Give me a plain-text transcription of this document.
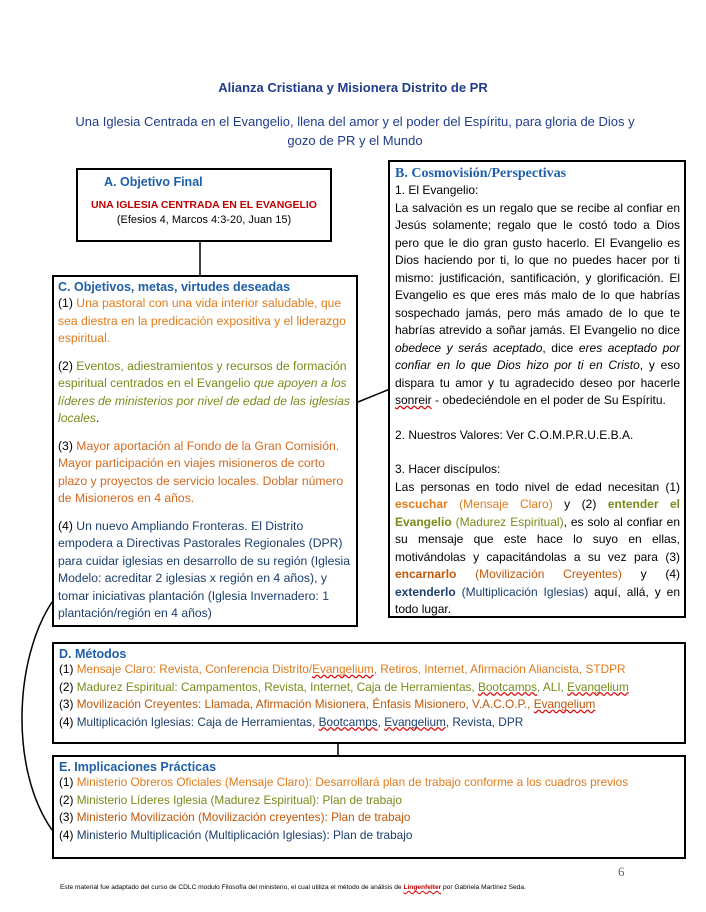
Alianza Cristiana y Misionera Distrito de PR
Una Iglesia Centrada en el Evangelio, llena del amor y el poder del Espíritu, para gloria de Dios y gozo de PR y el Mundo
A. Objetivo Final
UNA IGLESIA CENTRADA EN EL EVANGELIO
(Efesios 4, Marcos 4:3-20, Juan 15)
B. Cosmovisión/Perspectivas

1. El Evangelio:

La salvación es un regalo que se recibe al confiar en Jesús solamente; regalo que le costó todo a Dios pero que le dio gran gusto hacerlo. El Evangelio es Dios haciendo por ti, lo que no puedes hacer por ti mismo: justificación, santificación, y glorificación. El Evangelio es que eres más malo de lo que habrías sospechado jamás, pero más amado de lo que te habrías atrevido a soñar jamás. El Evangelio no dice obedece y serás aceptado, dice eres aceptado por confiar en lo que Dios hizo por ti en Cristo, y eso dispara tu amor y tu agradecido deseo por hacerle sonreir - obedeciéndole en el poder de Su Espíritu.

2. Nuestros Valores: Ver C.O.M.P.R.U.E.B.A.

3. Hacer discípulos:

Las personas en todo nivel de edad necesitan (1) escuchar (Mensaje Claro) y (2) entender el Evangelio (Madurez Espiritual), es solo al confiar en su mensaje que este hace lo suyo en ellas, motivándolas y capacitándolas a su vez para (3) encarnarlo (Movilización Creyentes) y (4) extenderlo (Multiplicación Iglesias) aquí, allá, y en todo lugar.

C. Objetivos, metas, virtudes deseadas

(1) Una pastoral con una vida interior saludable, que sea diestra en la predicación expositiva y el liderazgo espiritual.

(2) Eventos, adiestramientos y recursos de formación espiritual centrados en el Evangelio que apoyen a los líderes de ministerios por nivel de edad de las iglesias locales.

(3) Mayor aportación al Fondo de la Gran Comisión. Mayor participación en viajes misioneros de corto plazo y proyectos de servicio locales. Doblar número de Misioneros en 4 años.

(4) Un nuevo Ampliando Fronteras. El Distrito empodera a Directivas Pastorales Regionales (DPR) para cuidar iglesias en desarrollo de su región (Iglesia Modelo: acreditar 2 iglesias x región en 4 años), y tomar iniciativas plantación (Iglesia Invernadero: 1 plantación/región en 4 años)

D. Métodos

(1) Mensaje Claro: Revista, Conferencia Distrito/Evangelium, Retiros, Internet, Afirmación Aliancista, STDPR

(2) Madurez Espiritual: Campamentos, Revista, Internet, Caja de Herramientas, Bootcamps, ALI, Evangelium

(3) Movilización Creyentes: Llamada, Afirmación Misionera, Énfasis Misionero, V.A.C.O.P., Evangelium

(4) Multiplicación Iglesias: Caja de Herramientas, Bootcamps, Evangelium, Revista, DPR

E. Implicaciones Prácticas

(1) Ministerio Obreros Oficiales (Mensaje Claro): Desarrollará plan de trabajo conforme a los cuadros previos

(2) Ministerio Líderes Iglesia (Madurez Espiritual): Plan de trabajo

(3) Ministerio Movilización (Movilización creyentes): Plan de trabajo

(4) Ministerio Multiplicación (Multiplicación Iglesias): Plan de trabajo

6
Este material fue adaptado del curso de CDLC modulo Filosofía del ministerio, el cual utiliza el método de análisis de Lingenfelter por Gabriela Martínez Seda.
